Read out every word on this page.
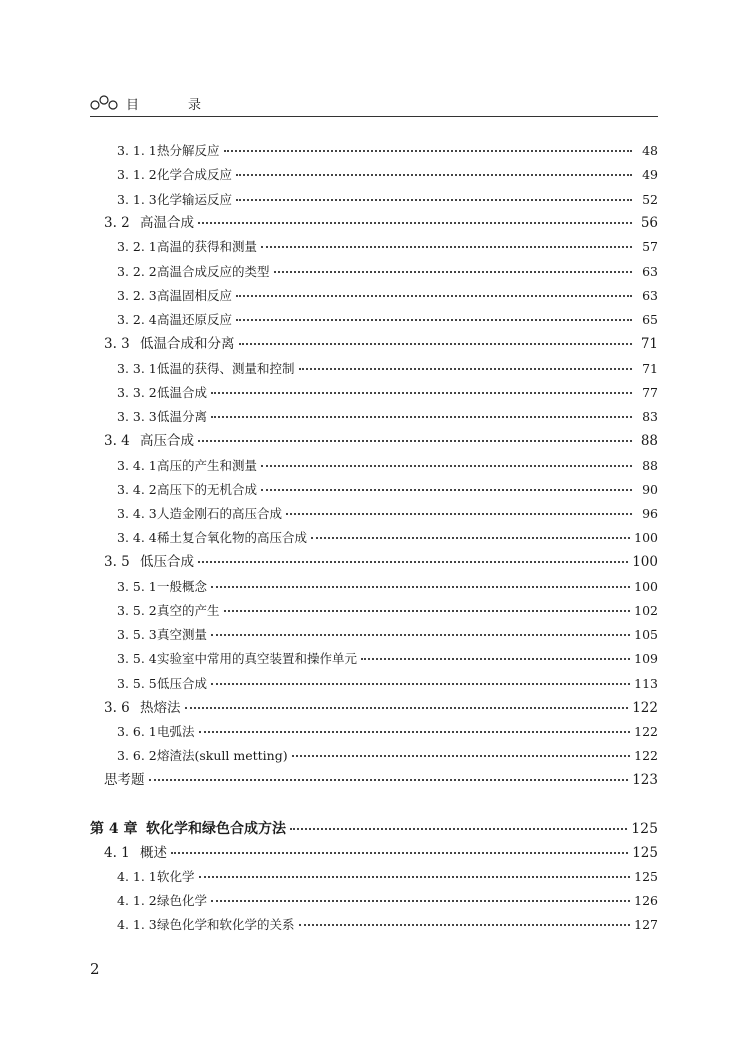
目　录
3. 1. 1 热分解反应	48
3. 1. 2 化学合成反应	49
3. 1. 3 化学输运反应	52
3. 2 高温合成	56
3. 2. 1 高温的获得和测量	57
3. 2. 2 高温合成反应的类型	63
3. 2. 3 高温固相反应	63
3. 2. 4 高温还原反应	65
3. 3 低温合成和分离	71
3. 3. 1 低温的获得、测量和控制	71
3. 3. 2 低温合成	77
3. 3. 3 低温分离	83
3. 4 高压合成	88
3. 4. 1 高压的产生和测量	88
3. 4. 2 高压下的无机合成	90
3. 4. 3 人造金刚石的高压合成	96
3. 4. 4 稀土复合氧化物的高压合成	100
3. 5 低压合成	100
3. 5. 1 一般概念	100
3. 5. 2 真空的产生	102
3. 5. 3 真空测量	105
3. 5. 4 实验室中常用的真空装置和操作单元	109
3. 5. 5 低压合成	113
3. 6 热熔法	122
3. 6. 1 电弧法	122
3. 6. 2 熔渣法(skull metting)	122
思考题	123
第 4 章 软化学和绿色合成方法	125
4. 1 概述	125
4. 1. 1 软化学	125
4. 1. 2 绿色化学	126
4. 1. 3 绿色化学和软化学的关系	127
2
